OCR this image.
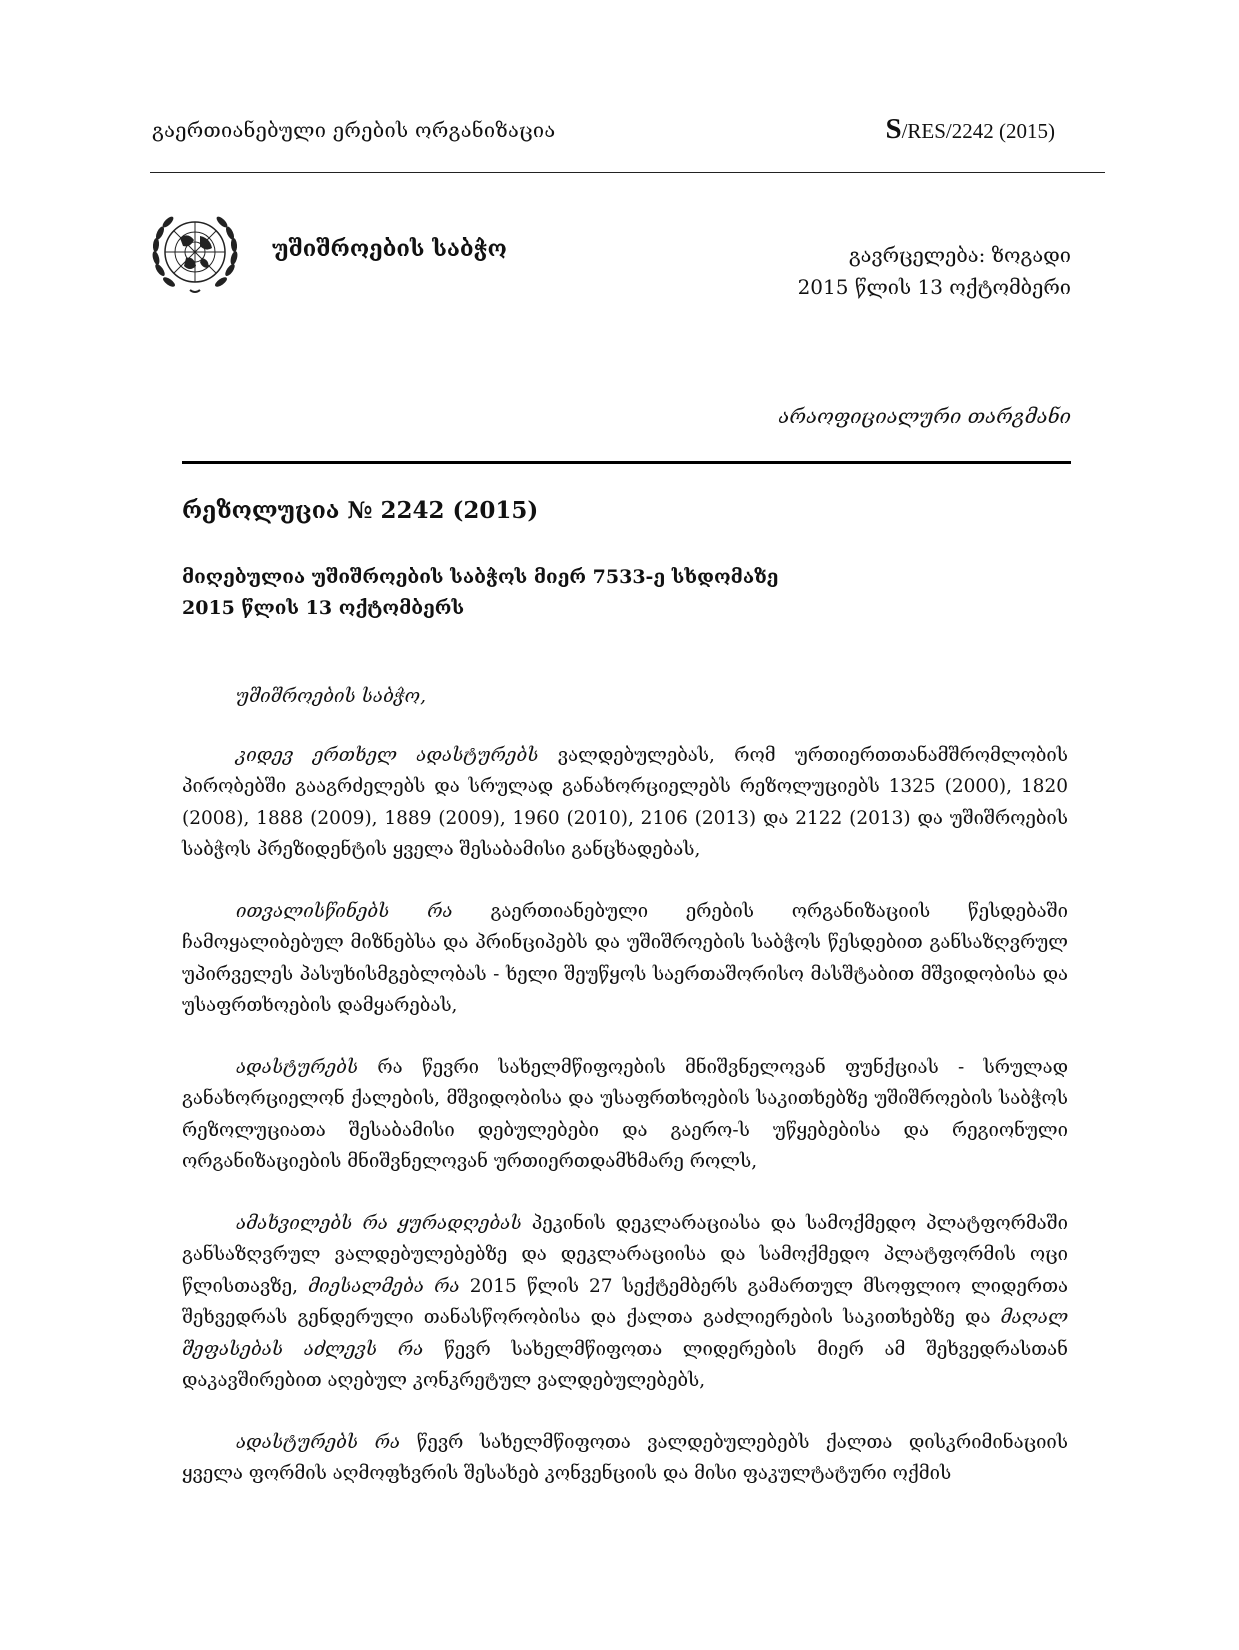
გაერთიანებული ერების ორგანიზაცია	S/RES/2242 (2015)
უშიშროების საბჭო	გავრცელება: ზოგადი
2015 წლის 13 ოქტომბერი
არაოფიციალური თარგმანი
რეზოლუცია № 2242 (2015)
მიღებულია უშიშროების საბჭოს მიერ 7533-ე სხდომაზე
2015 წლის 13 ოქტომბერს

უშიშროების საბჭო,

კიდევ ერთხელ ადასტურებს ვალდებულებას, რომ ურთიერთთანამშრომლობის პირობებში გააგრძელებს და სრულად განახორციელებს რეზოლუციებს 1325 (2000), 1820 (2008), 1888 (2009), 1889 (2009), 1960 (2010), 2106 (2013) და 2122 (2013) და უშიშროების საბჭოს პრეზიდენტის ყველა შესაბამისი განცხადებას,

ითვალისწინებს რა გაერთიანებული ერების ორგანიზაციის წესდებაში ჩამოყალიბებულ მიზნებსა და პრინციპებს და უშიშროების საბჭოს წესდებით განსაზღვრულ უპირველეს პასუხისმგებლობას - ხელი შეუწყოს საერთაშორისო მასშტაბით მშვიდობისა და უსაფრთხოების დამყარებას,

ადასტურებს რა წევრი სახელმწიფოების მნიშვნელოვან ფუნქციას - სრულად განახორციელონ ქალების, მშვიდობისა და უსაფრთხოების საკითხებზე უშიშროების საბჭოს რეზოლუციათა შესაბამისი დებულებები და გაერო-ს უწყებებისა და რეგიონული ორგანიზაციების მნიშვნელოვან ურთიერთდამხმარე როლს,

ამახვილებს რა ყურადღებას პეკინის დეკლარაციასა და სამოქმედო პლატფორმაში განსაზღვრულ ვალდებულებებზე და დეკლარაციისა და სამოქმედო პლატფორმის ოცი წლისთავზე, მიესალმება რა 2015 წლის 27 სექტემბერს გამართულ მსოფლიო ლიდერთა შეხვედრას გენდერული თანასწორობისა და ქალთა გაძლიერების საკითხებზე და მაღალ შეფასებას აძლევს რა წევრ სახელმწიფოთა ლიდერების მიერ ამ შეხვედრასთან დაკავშირებით აღებულ კონკრეტულ ვალდებულებებს,

ადასტურებს რა წევრ სახელმწიფოთა ვალდებულებებს ქალთა დისკრიმინაციის ყველა ფორმის აღმოფხვრის შესახებ კონვენციის და მისი ფაკულტატური ოქმის
